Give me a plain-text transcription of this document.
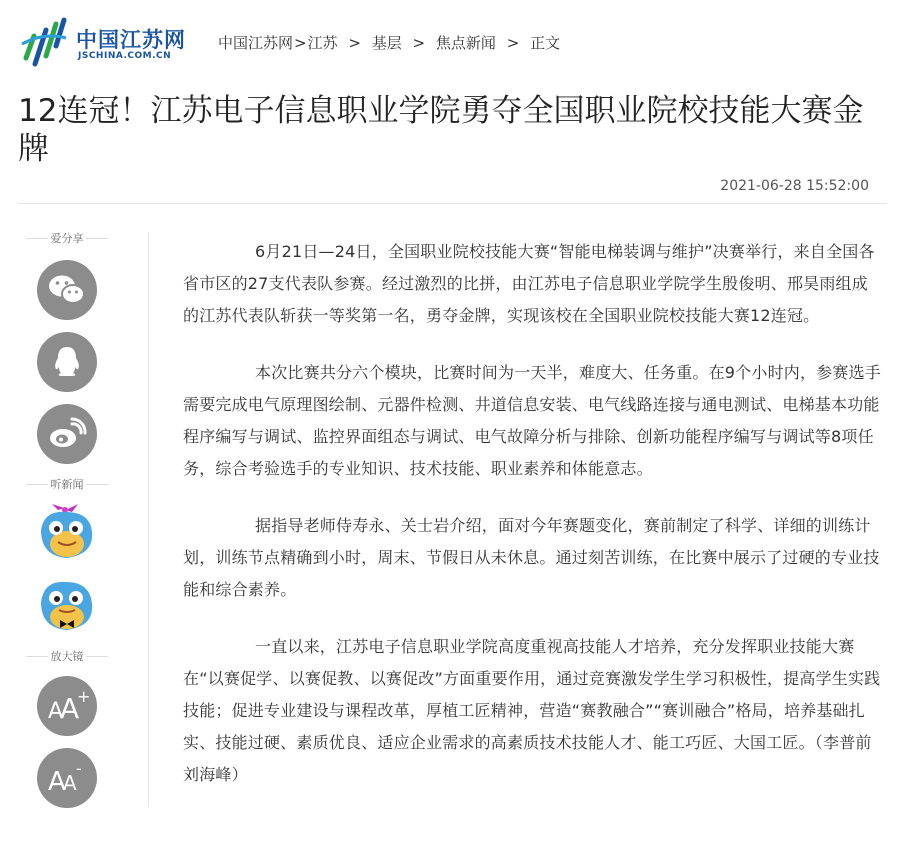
中国江苏网
JSCHINA.COM.CN
中国江苏网>江苏 > 基层 > 焦点新闻 > 正文
12连冠！江苏电子信息职业学院勇夺全国职业院校技能大赛金牌
2021-06-28 15:52:00
爱分享
听新闻
放大镜
A
A
+
A
A
-

6月21日—24日，全国职业院校技能大赛“智能电梯装调与维护”决赛举行，来自全国各省市区的27支代表队参赛。经过激烈的比拼，由江苏电子信息职业学院学生殷俊明、邢昊雨组成的江苏代表队斩获一等奖第一名，勇夺金牌，实现该校在全国职业院校技能大赛12连冠。

本次比赛共分六个模块，比赛时间为一天半，难度大、任务重。在9个小时内，参赛选手需要完成电气原理图绘制、元器件检测、井道信息安装、电气线路连接与通电测试、电梯基本功能程序编写与调试、监控界面组态与调试、电气故障分析与排除、创新功能程序编写与调试等8项任务，综合考验选手的专业知识、技术技能、职业素养和体能意志。

据指导老师侍寿永、关士岩介绍，面对今年赛题变化，赛前制定了科学、详细的训练计划，训练节点精确到小时，周末、节假日从未休息。通过刻苦训练，在比赛中展示了过硬的专业技能和综合素养。

一直以来，江苏电子信息职业学院高度重视高技能人才培养，充分发挥职业技能大赛在“以赛促学、以赛促教、以赛促改”方面重要作用，通过竞赛激发学生学习积极性，提高学生实践技能；促进专业建设与课程改革，厚植工匠精神，营造“赛教融合”“赛训融合”格局，培养基础扎实、技能过硬、素质优良、适应企业需求的高素质技术技能人才、能工巧匠、大国工匠。（李普前 刘海峰）
